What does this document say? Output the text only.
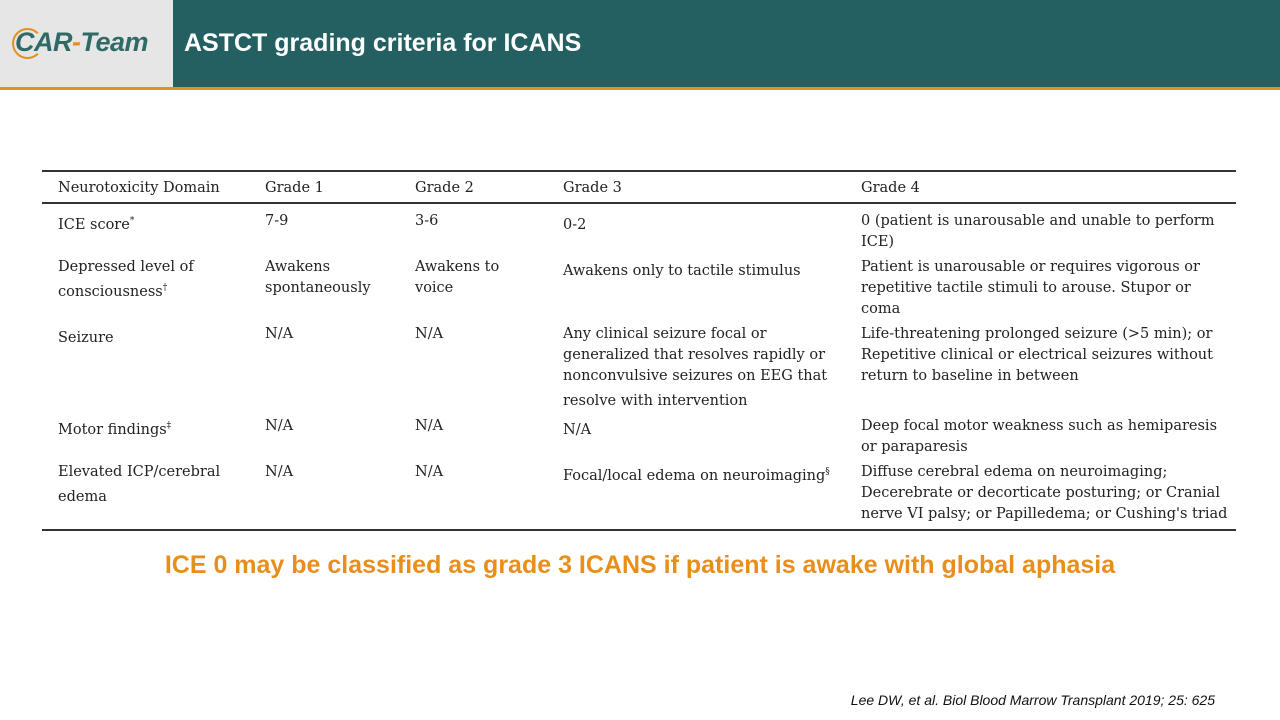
CAR-Team ASTCT grading criteria for ICANS
Neurotoxicity Domain	Grade 1	Grade 2	Grade 3	Grade 4
ICE score*	7-9	3-6	0-2	0 (patient is unarousable and unable to perform ICE)
Depressed level of consciousness†	Awakens spontaneously	Awakens to voice	Awakens only to tactile stimulus	Patient is unarousable or requires vigorous or repetitive tactile stimuli to arouse. Stupor or coma
Seizure	N/A	N/A	Any clinical seizure focal or generalized that resolves rapidly or nonconvulsive seizures on EEG that resolve with intervention	Life-threatening prolonged seizure (>5 min); or Repetitive clinical or electrical seizures without return to baseline in between
Motor findings‡	N/A	N/A	N/A	Deep focal motor weakness such as hemiparesis or paraparesis
Elevated ICP/cerebral edema	N/A	N/A	Focal/local edema on neuroimaging§	Diffuse cerebral edema on neuroimaging; Decerebrate or decorticate posturing; or Cranial nerve VI palsy; or Papilledema; or Cushing's triad
ICE 0 may be classified as grade 3 ICANS if patient is awake with global aphasia
Lee DW, et al. Biol Blood Marrow Transplant 2019; 25: 625
